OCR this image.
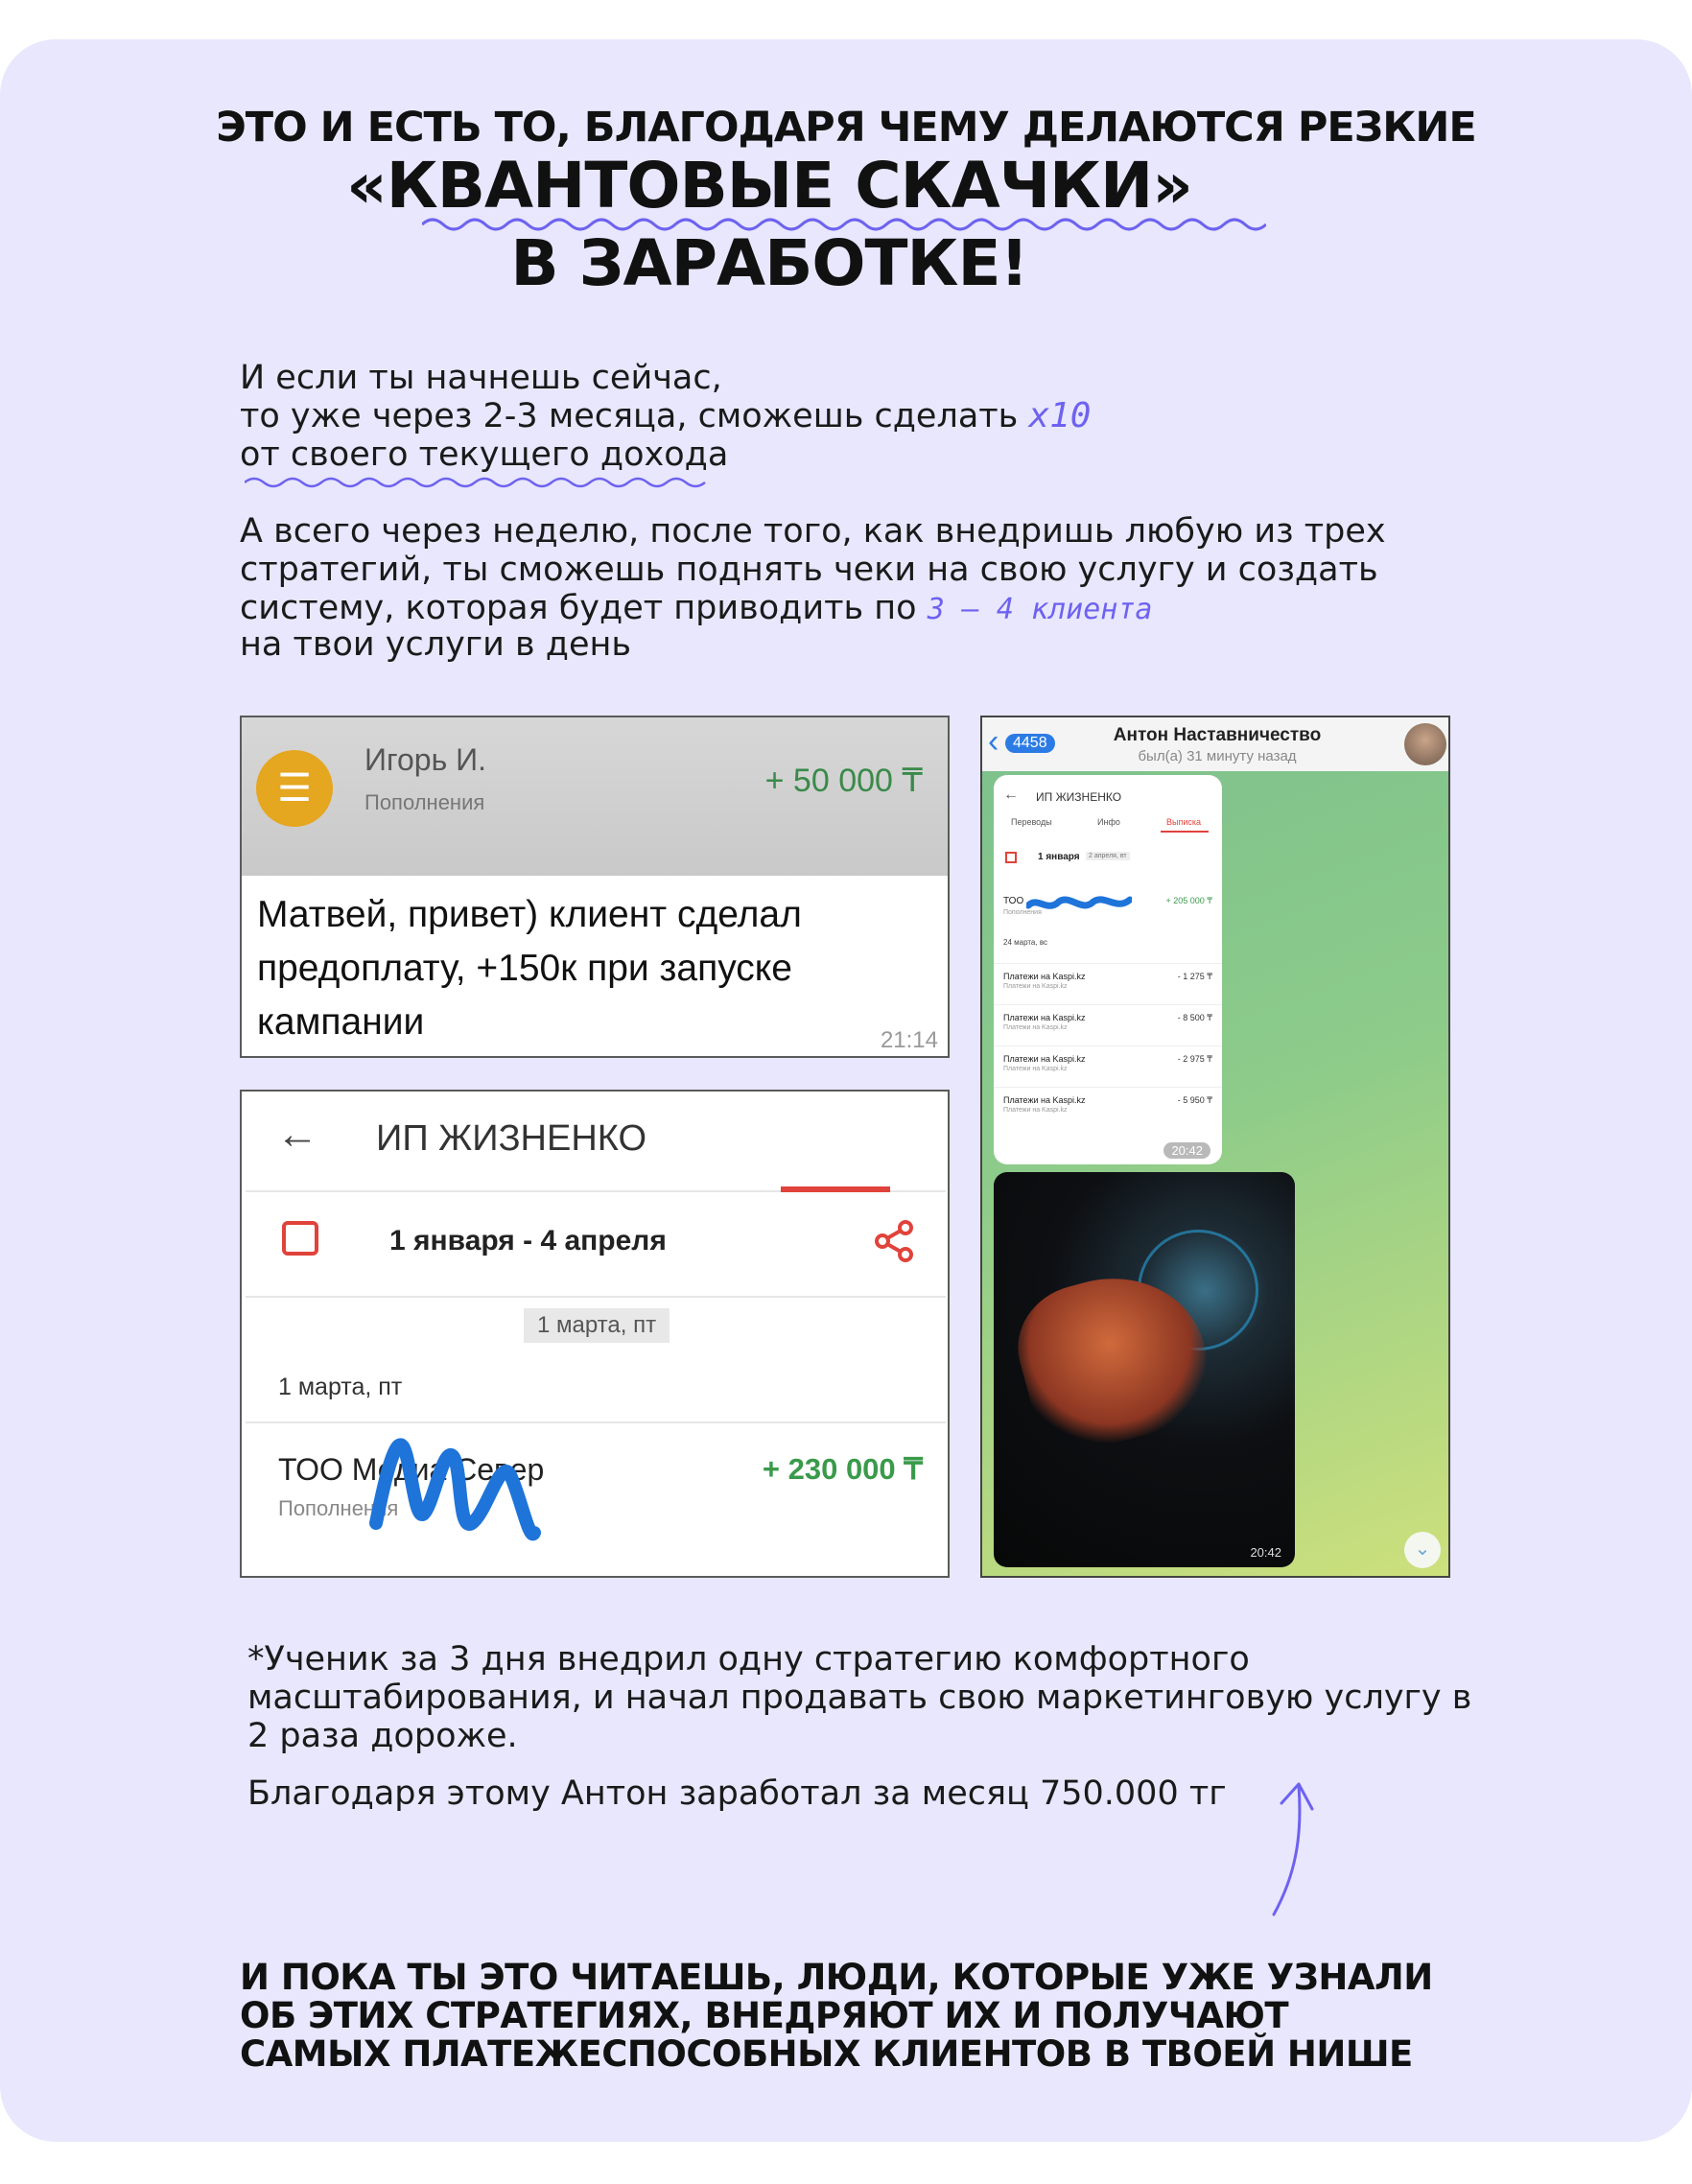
ЭТО И ЕСТЬ ТО, БЛАГОДАРЯ ЧЕМУ ДЕЛАЮТСЯ РЕЗКИЕ
«КВАНТОВЫЕ СКАЧКИ»
В ЗАРАБОТКЕ!
И если ты начнешь сейчас,
то уже через 2-3 месяца, сможешь сделать x10
от своего текущего дохода
А всего через неделю, после того, как внедришь любую из трех
стратегий, ты сможешь поднять чеки на свою услугу и создать
систему, которая будет приводить по 3 – 4 клиента
на твои услуги в день
☰
Игорь И.
Пополнения
+ 50 000 ₸
Матвей, привет) клиент сделал предоплату, +150к при запуске кампании	21:14
← ИП ЖИЗНЕНКО
1 января - 4 апреля
1 марта, пт
1 марта, пт
ТОО Медиа Север
Пополнения
+ 230 000 ₸
‹ 4458	Антон Наставничество
был(а) 31 минуту назад
← ИП ЖИЗНЕНКО
Переводы	Инфо	Выписка
1 января	2 апреля, вт
ТОО
Пополнения
+ 205 000 ₸
24 марта, вс
Платежи на Kaspi.kz
Платежи на Kaspi.kz
- 1 275 ₸
Платежи на Kaspi.kz
Платежи на Kaspi.kz
- 8 500 ₸
Платежи на Kaspi.kz
Платежи на Kaspi.kz
- 2 975 ₸
Платежи на Kaspi.kz
Платежи на Kaspi.kz
- 5 950 ₸
20:42
20:42	⌄
*Ученик за 3 дня внедрил одну стратегию комфортного
масштабирования, и начал продавать свою маркетинговую услугу в
2 раза дороже.
Благодаря этому Антон заработал за месяц 750.000 тг
И ПОКА ТЫ ЭТО ЧИТАЕШЬ, ЛЮДИ, КОТОРЫЕ УЖЕ УЗНАЛИ
ОБ ЭТИХ СТРАТЕГИЯХ, ВНЕДРЯЮТ ИХ И ПОЛУЧАЮТ
САМЫХ ПЛАТЕЖЕСПОСОБНЫХ КЛИЕНТОВ В ТВОЕЙ НИШЕ
